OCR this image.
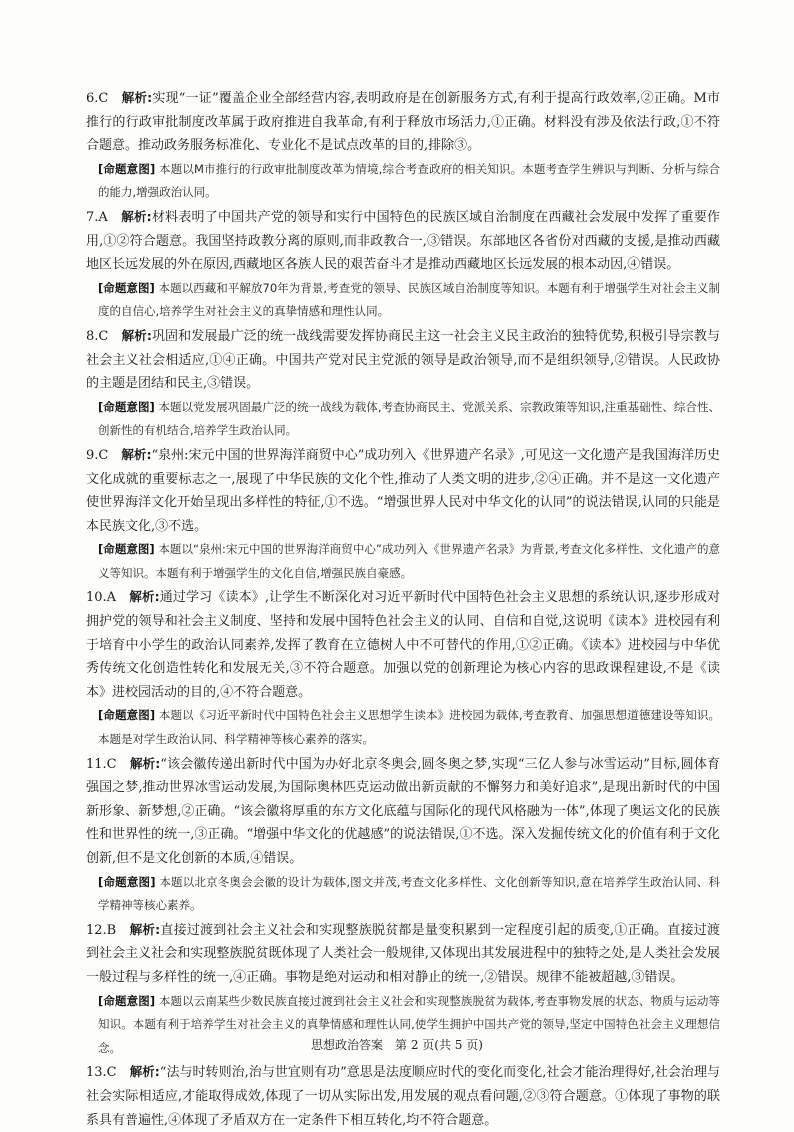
6.C　 解析:实现“一证”覆盖企业全部经营内容,表明政府是在创新服务方式,有利于提高行政效率,②正确。M市推行的行政审批制度改革属于政府推进自我革命,有利于释放市场活力,①正确。材料没有涉及依法行政,①不符合题意。推动政务服务标准化、专业化不是试点改革的目的,排除③。

[命题意图] 本题以M市推行的行政审批制度改革为情境,综合考查政府的相关知识。本题考查学生辨识与判断、分析与综合的能力,增强政治认同。

7.A　 解析:材料表明了中国共产党的领导和实行中国特色的民族区域自治制度在西藏社会发展中发挥了重要作用,①②符合题意。我国坚持政教分离的原则,而非政教合一,③错误。东部地区各省份对西藏的支援,是推动西藏地区长远发展的外在原因,西藏地区各族人民的艰苦奋斗才是推动西藏地区长远发展的根本动因,④错误。

[命题意图] 本题以西藏和平解放70年为背景,考查党的领导、民族区域自治制度等知识。本题有利于增强学生对社会主义制度的自信心,培养学生对社会主义的真挚情感和理性认同。

8.C　 解析:巩固和发展最广泛的统一战线需要发挥协商民主这一社会主义民主政治的独特优势,积极引导宗教与社会主义社会相适应,①④正确。中国共产党对民主党派的领导是政治领导,而不是组织领导,②错误。人民政协的主题是团结和民主,③错误。

[命题意图] 本题以党发展巩固最广泛的统一战线为载体,考查协商民主、党派关系、宗教政策等知识,注重基础性、综合性、创新性的有机结合,培养学生政治认同。

9.C　 解析:“泉州:宋元中国的世界海洋商贸中心”成功列入《世界遗产名录》,可见这一文化遗产是我国海洋历史文化成就的重要标志之一,展现了中华民族的文化个性,推动了人类文明的进步,②④正确。并不是这一文化遗产使世界海洋文化开始呈现出多样性的特征,①不选。“增强世界人民对中华文化的认同”的说法错误,认同的只能是本民族文化,③不选。

[命题意图] 本题以“泉州:宋元中国的世界海洋商贸中心”成功列入《世界遗产名录》为背景,考查文化多样性、文化遗产的意义等知识。本题有利于增强学生的文化自信,增强民族自豪感。

10.A　 解析:通过学习《读本》,让学生不断深化对习近平新时代中国特色社会主义思想的系统认识,逐步形成对拥护党的领导和社会主义制度、坚持和发展中国特色社会主义的认同、自信和自觉,这说明《读本》进校园有利于培育中小学生的政治认同素养,发挥了教育在立德树人中不可替代的作用,①②正确。《读本》进校园与中华优秀传统文化创造性转化和发展无关,③不符合题意。加强以党的创新理论为核心内容的思政课程建设,不是《读本》进校园活动的目的,④不符合题意。

[命题意图] 本题以《习近平新时代中国特色社会主义思想学生读本》进校园为载体,考查教育、加强思想道德建设等知识。本题是对学生政治认同、科学精神等核心素养的落实。

11.C　 解析:“该会徽传递出新时代中国为办好北京冬奥会,圆冬奥之梦,实现“三亿人参与冰雪运动”目标,圆体育强国之梦,推动世界冰雪运动发展,为国际奥林匹克运动做出新贡献的不懈努力和美好追求”,是现出新时代的中国新形象、新梦想,②正确。“该会徽将厚重的东方文化底蕴与国际化的现代风格融为一体”,体现了奥运文化的民族性和世界性的统一,③正确。“增强中华文化的优越感”的说法错误,①不选。深入发掘传统文化的价值有利于文化创新,但不是文化创新的本质,④错误。

[命题意图] 本题以北京冬奥会会徽的设计为载体,图文并茂,考查文化多样性、文化创新等知识,意在培养学生政治认同、科学精神等核心素养。

12.B　 解析:直接过渡到社会主义社会和实现整族脱贫都是量变积累到一定程度引起的质变,①正确。直接过渡到社会主义社会和实现整族脱贫既体现了人类社会一般规律,又体现出其发展进程中的独特之处,是人类社会发展一般过程与多样性的统一,④正确。事物是绝对运动和相对静止的统一,②错误。规律不能被超越,③错误。

[命题意图] 本题以云南某些少数民族直接过渡到社会主义社会和实现整族脱贫为载体,考查事物发展的状态、物质与运动等知识。本题有利于培养学生对社会主义的真挚情感和理性认同,使学生拥护中国共产党的领导,坚定中国特色社会主义理想信念。

13.C　 解析:“法与时转则治,治与世宜则有功”意思是法度顺应时代的变化而变化,社会才能治理得好,社会治理与社会实际相适应,才能取得成效,体现了一切从实际出发,用发展的观点看问题,②③符合题意。①体现了事物的联系具有普遍性,④体现了矛盾双方在一定条件下相互转化,均不符合题意。

思想政治答案　第 2 页(共 5 页)
